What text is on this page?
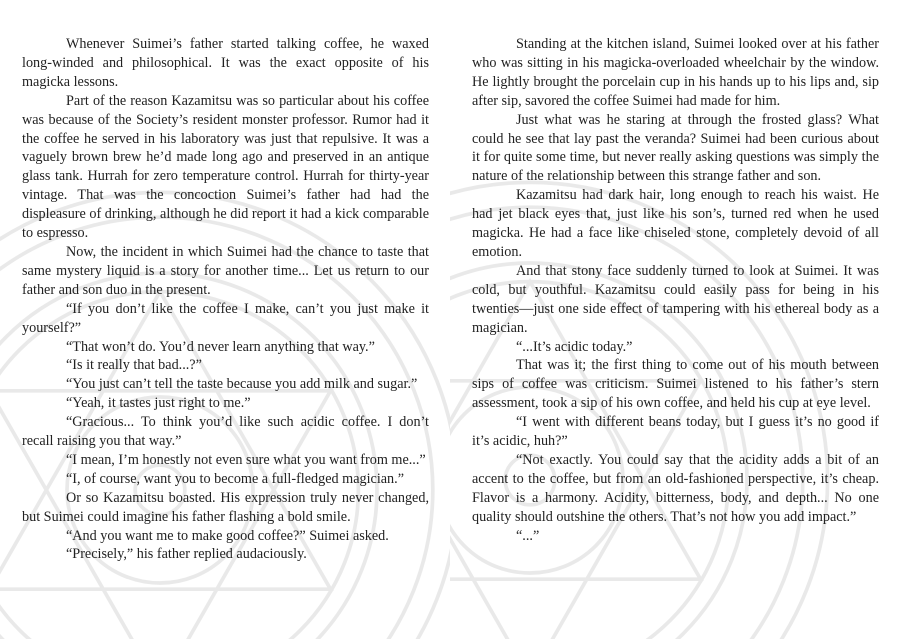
Whenever Suimei’s father started talking coffee, he waxed long-winded and philosophical. It was the exact opposite of his magicka lessons.

Part of the reason Kazamitsu was so particular about his coffee was because of the Society’s resident monster professor. Rumor had it the coffee he served in his laboratory was just that repulsive. It was a vaguely brown brew he’d made long ago and preserved in an antique glass tank. Hurrah for zero temperature control. Hurrah for thirty-year vintage. That was the concoction Suimei’s father had had the displeasure of drinking, although he did report it had a kick comparable to espresso.

Now, the incident in which Suimei had the chance to taste that same mystery liquid is a story for another time... Let us return to our father and son duo in the present.

“If you don’t like the coffee I make, can’t you just make it yourself?”

“That won’t do. You’d never learn anything that way.”

“Is it really that bad...?”

“You just can’t tell the taste because you add milk and sugar.”

“Yeah, it tastes just right to me.”

“Gracious... To think you’d like such acidic coffee. I don’t recall raising you that way.”

“I mean, I’m honestly not even sure what you want from me...”

“I, of course, want you to become a full-fledged magician.”

Or so Kazamitsu boasted. His expression truly never changed, but Suimei could imagine his father flashing a bold smile.

“And you want me to make good coffee?” Suimei asked.

“Precisely,” his father replied audaciously.

Standing at the kitchen island, Suimei looked over at his father who was sitting in his magicka-overloaded wheelchair by the window. He lightly brought the porcelain cup in his hands up to his lips and, sip after sip, savored the coffee Suimei had made for him.

Just what was he staring at through the frosted glass? What could he see that lay past the veranda? Suimei had been curious about it for quite some time, but never really asking questions was simply the nature of the relationship between this strange father and son.

Kazamitsu had dark hair, long enough to reach his waist. He had jet black eyes that, just like his son’s, turned red when he used magicka. He had a face like chiseled stone, completely devoid of all emotion.

And that stony face suddenly turned to look at Suimei. It was cold, but youthful. Kazamitsu could easily pass for being in his twenties—just one side effect of tampering with his ethereal body as a magician.

“...It’s acidic today.”

That was it; the first thing to come out of his mouth between sips of coffee was criticism. Suimei listened to his father’s stern assessment, took a sip of his own coffee, and held his cup at eye level.

“I went with different beans today, but I guess it’s no good if it’s acidic, huh?”

“Not exactly. You could say that the acidity adds a bit of an accent to the coffee, but from an old-fashioned perspective, it’s cheap. Flavor is a harmony. Acidity, bitterness, body, and depth... No one quality should outshine the others. That’s not how you add impact.”

“...”
